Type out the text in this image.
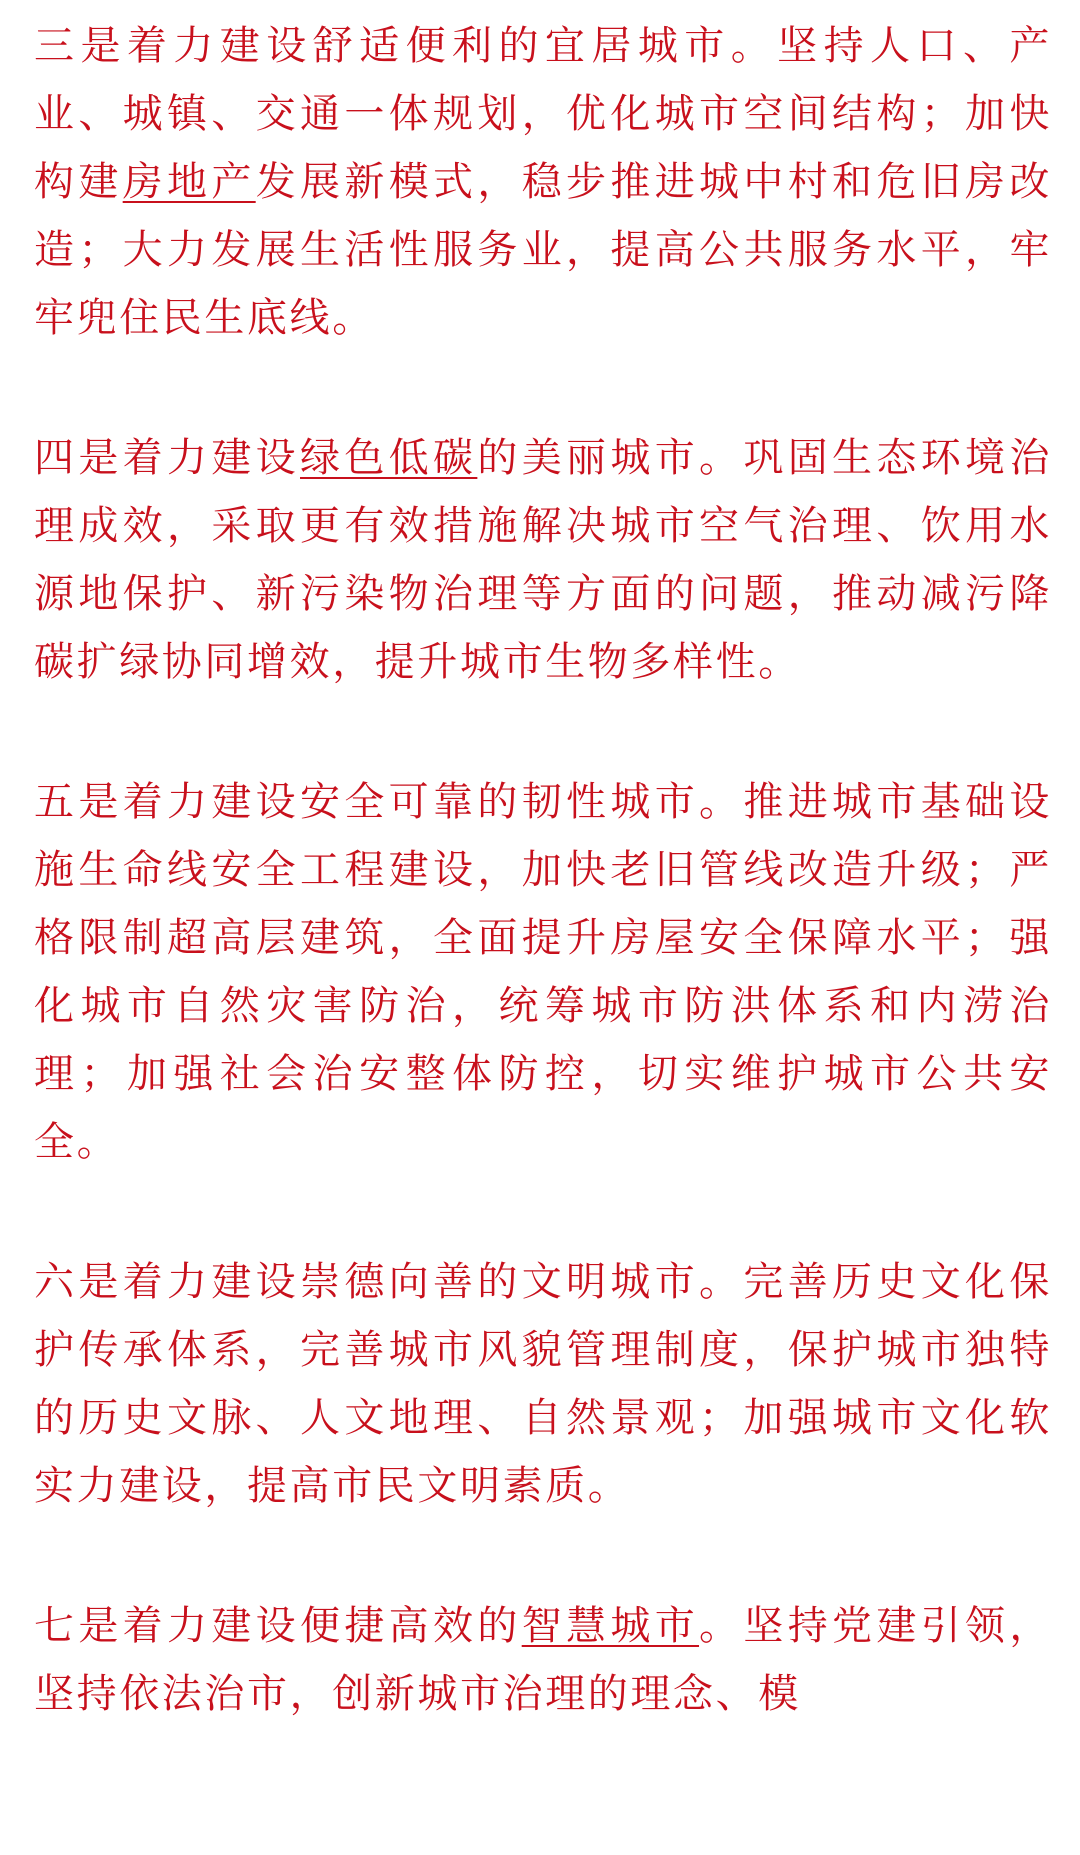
三是着力建设舒适便利的宜居城市。坚持人口、产业、城镇、交通一体规划，优化城市空间结构；加快构建房地产发展新模式，稳步推进城中村和危旧房改造；大力发展生活性服务业，提高公共服务水平，牢牢兜住民生底线。

四是着力建设绿色低碳的美丽城市。巩固生态环境治理成效，采取更有效措施解决城市空气治理、饮用水源地保护、新污染物治理等方面的问题，推动减污降碳扩绿协同增效，提升城市生物多样性。

五是着力建设安全可靠的韧性城市。推进城市基础设施生命线安全工程建设，加快老旧管线改造升级；严格限制超高层建筑，全面提升房屋安全保障水平；强化城市自然灾害防治，统筹城市防洪体系和内涝治理；加强社会治安整体防控，切实维护城市公共安全。

六是着力建设崇德向善的文明城市。完善历史文化保护传承体系，完善城市风貌管理制度，保护城市独特的历史文脉、人文地理、自然景观；加强城市文化软实力建设，提高市民文明素质。

七是着力建设便捷高效的智慧城市。坚持党建引领，坚持依法治市，创新城市治理的理念、模
